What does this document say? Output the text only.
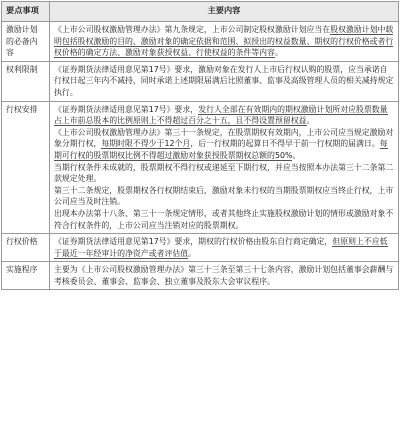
要点事项	主要内容
激励计划的必备内容	《上市公司股权激励管理办法》第九条规定，上市公司制定股权激励计划应当在股权激励计划中载明包括股权激励的目的、激励对象的确定依据和范围、拟授出的权益数量、期权的行权价格或者行权价格的确定方法、激励对象获授权益、行使权益的条件等内容。

权利限制	《证券期货法律适用意见第17号》要求，激励对象在发行人上市后行权认购的股票，应当承诺自行权日起三年内不减持，同时承诺上述期限届满后比照董事、监事及高级管理人员的相关减持规定执行。

行权安排	《证券期货法律适用意见第17号》要求，发行人全部在有效期内的期权激励计划所对应股票数量占上市前总股本的比例原则上不得超过百分之十五，且不得设置预留权益。
《上市公司股权激励管理办法》第三十一条规定，在股票期权有效期内，上市公司应当规定激励对象分期行权，每期时限不得少于12个月，后一行权期的起算日不得早于前一行权期的届满日。每期可行权的股票期权比例不得超过激励对象获授股票期权总额的50%。
当期行权条件未成就的，股票期权不得行权或递延至下期行权，并应当按照本办法第三十二条第二款规定处理。
第三十二条规定，股票期权各行权期结束后，激励对象未行权的当期股票期权应当终止行权，上市公司应当及时注销。
出现本办法第十八条、第三十一条规定情形，或者其他终止实施股权激励计划的情形或激励对象不符合行权条件的，上市公司应当注销对应的股票期权。

行权价格	《证券期货法律适用意见第17号》要求，期权的行权价格由股东自行商定确定，但原则上不应低于最近一年经审计的净资产或者评估值。

实施程序	主要为《上市公司股权激励管理办法》第三十三条至第三十七条内容，激励计划包括董事会薪酬与考核委员会、董事会、监事会、独立董事及股东大会审议程序。
